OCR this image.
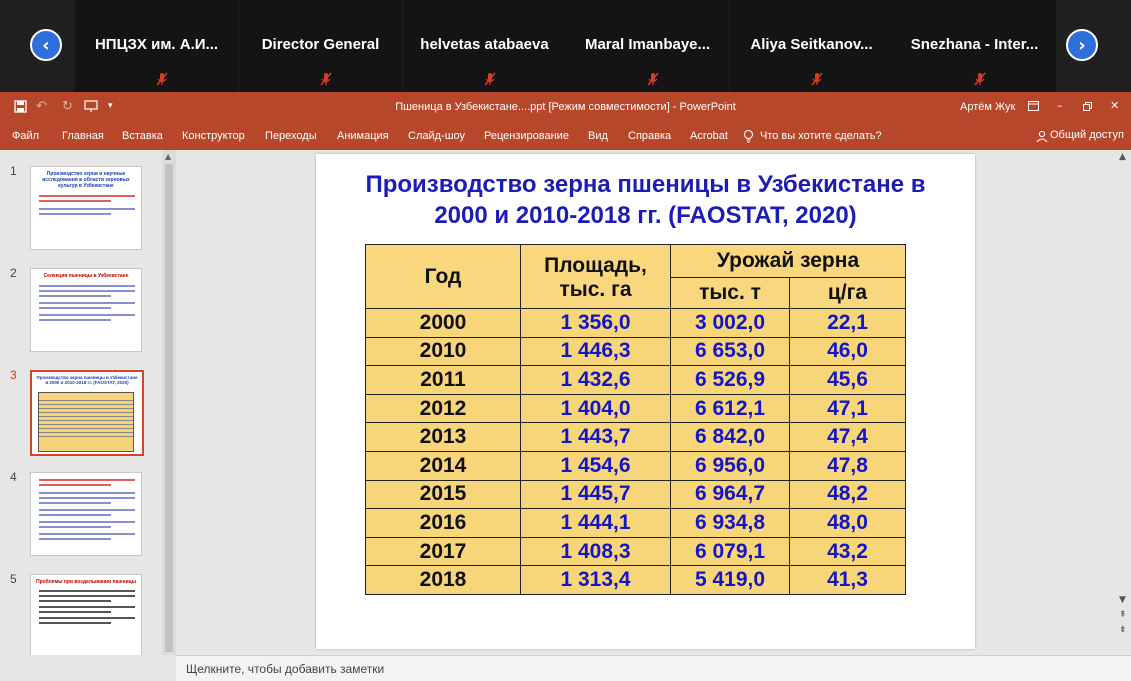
‹	НПЦЗХ им. А.И...	Director General	helvetas atabaeva	Maral Imanbaye...	Aliya Seitkanov...	Snezhana - Inter...	›
↶ ↻	▾	Пшеница в Узбекистане....ppt [Режим совместимости] - PowerPoint	Артём Жук	–	✕
Файл Главная Вставка Конструктор Переходы Анимация Слайд-шоу Рецензирование Вид Справка Acrobat	Что вы хотите сделать?	Общий доступ
1	Производство зерна и научные исследования в области зерновых культур в Узбекистане
2	Селекция пшеницы в Узбекистане
3	Производство зерна пшеницы в Узбекистане в 2000 и 2010-2018 гг. (FAOSTAT, 2020)
4
5	Проблемы при возделывании пшеницы
▲
Производство зерна пшеницы в Узбекистане в
2000 и 2010-2018 гг. (FAOSTAT, 2020)
Год	Площадь,	Урожай зерна	
	тыс. га	тыс. т	ц/га
2000	1 356,0	3 002,0	22,1
2010	1 446,3	6 653,0	46,0
2011	1 432,6	6 526,9	45,6
2012	1 404,0	6 612,1	47,1
2013	1 443,7	6 842,0	47,4
2014	1 454,6	6 956,0	47,8
2015	1 445,7	6 964,7	48,2
2016	1 444,1	6 934,8	48,0
2017	1 408,3	6 079,1	43,2
2018	1 313,4	5 419,0	41,3
▲
▼
⇞
⇟
Щелкните, чтобы добавить заметки
